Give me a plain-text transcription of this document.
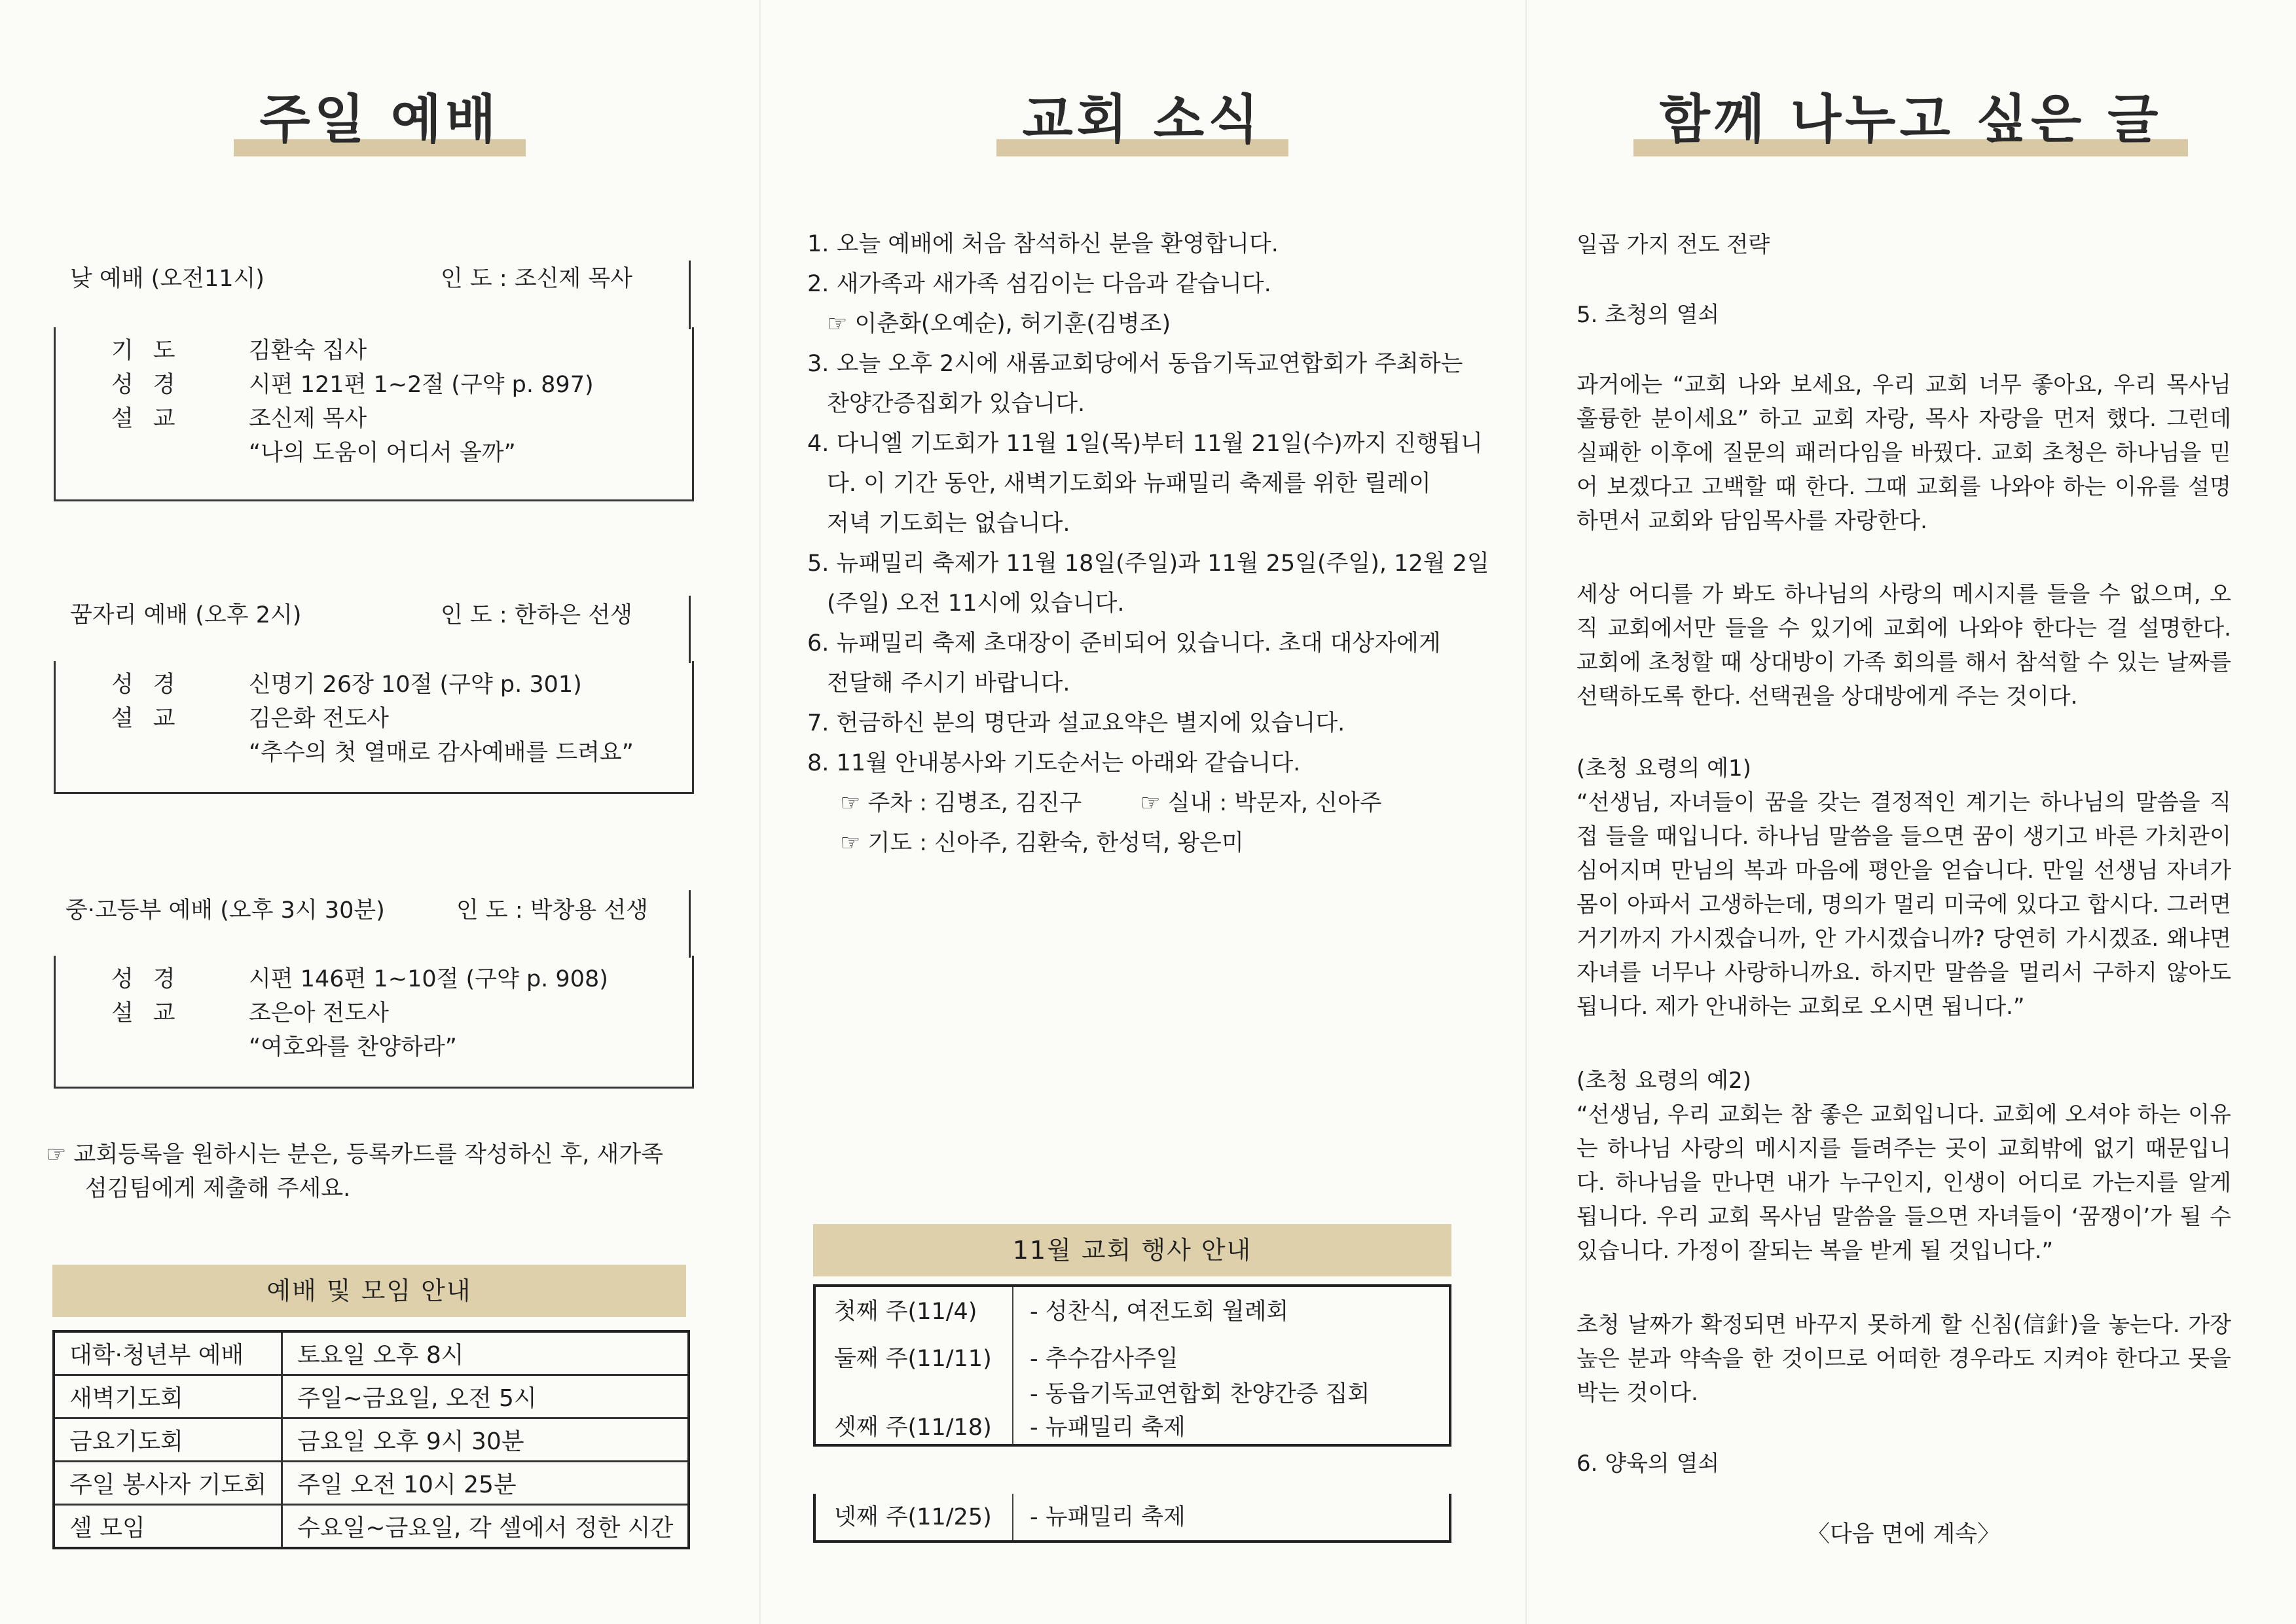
주일 예배
낮 예배 (오전11시)	인 도 : 조신제 목사
기도 김환숙 집사
성경 시편 121편 1~2절 (구약 p. 897)
설교 조신제 목사
“나의 도움이 어디서 올까”
꿈자리 예배 (오후 2시)	인 도 : 한하은 선생
성경 신명기 26장 10절 (구약 p. 301)
설교 김은화 전도사
“추수의 첫 열매로 감사예배를 드려요”
중·고등부 예배 (오후 3시 30분)	인 도 : 박창용 선생
성경 시편 146편 1~10절 (구약 p. 908)
설교 조은아 전도사
“여호와를 찬양하라”
☞ 교회등록을 원하시는 분은, 등록카드를 작성하신 후, 새가족
섬김팀에게 제출해 주세요.
예배 및 모임 안내
대학·청년부 예배	토요일 오후 8시
새벽기도회	주일~금요일, 오전 5시
금요기도회	금요일 오후 9시 30분
주일 봉사자 기도회	주일 오전 10시 25분
셀 모임	수요일~금요일, 각 셀에서 정한 시간
교회 소식
1. 오늘 예배에 처음 참석하신 분을 환영합니다.
2. 새가족과 새가족 섬김이는 다음과 같습니다.
☞ 이춘화(오예순), 허기훈(김병조)
3. 오늘 오후 2시에 새롬교회당에서 동읍기독교연합회가 주최하는
찬양간증집회가 있습니다.
4. 다니엘 기도회가 11월 1일(목)부터 11월 21일(수)까지 진행됩니
다. 이 기간 동안, 새벽기도회와 뉴패밀리 축제를 위한 릴레이
저녁 기도회는 없습니다.
5. 뉴패밀리 축제가 11월 18일(주일)과 11월 25일(주일), 12월 2일
(주일) 오전 11시에 있습니다.
6. 뉴패밀리 축제 초대장이 준비되어 있습니다. 초대 대상자에게
전달해 주시기 바랍니다.
7. 헌금하신 분의 명단과 설교요약은 별지에 있습니다.
8. 11월 안내봉사와 기도순서는 아래와 같습니다.
☞ 주차 : 김병조, 김진구        ☞ 실내 : 박문자, 신아주
☞ 기도 : 신아주, 김환숙, 한성덕, 왕은미
11월 교회 행사 안내
첫째 주(11/4) - 성찬식, 여전도회 월례회
둘째 주(11/11) - 추수감사주일
- 동읍기독교연합회 찬양간증 집회
셋째 주(11/18) - 뉴패밀리 축제
넷째 주(11/25) - 뉴패밀리 축제
함께 나누고 싶은 글
일곱 가지 전도 전략
5. 초청의 열쇠
과거에는 “교회 나와 보세요, 우리 교회 너무 좋아요, 우리 목사님 훌륭한 분이세요” 하고 교회 자랑, 목사 자랑을 먼저 했다. 그런데 실패한 이후에 질문의 패러다임을 바꿨다. 교회 초청은 하나님을 믿어 보겠다고 고백할 때 한다. 그때 교회를 나와야 하는 이유를 설명하면서 교회와 담임목사를 자랑한다.
세상 어디를 가 봐도 하나님의 사랑의 메시지를 들을 수 없으며, 오직 교회에서만 들을 수 있기에 교회에 나와야 한다는 걸 설명한다. 교회에 초청할 때 상대방이 가족 회의를 해서 참석할 수 있는 날짜를 선택하도록 한다. 선택권을 상대방에게 주는 것이다.
(초청 요령의 예1)
“선생님, 자녀들이 꿈을 갖는 결정적인 계기는 하나님의 말씀을 직접 들을 때입니다. 하나님 말씀을 들으면 꿈이 생기고 바른 가치관이 심어지며 만님의 복과 마음에 평안을 얻습니다. 만일 선생님 자녀가 몸이 아파서 고생하는데, 명의가 멀리 미국에 있다고 합시다. 그러면 거기까지 가시겠습니까, 안 가시겠습니까? 당연히 가시겠죠. 왜냐면 자녀를 너무나 사랑하니까요. 하지만 말씀을 멀리서 구하지 않아도 됩니다. 제가 안내하는 교회로 오시면 됩니다.”
(초청 요령의 예2)
“선생님, 우리 교회는 참 좋은 교회입니다. 교회에 오셔야 하는 이유는 하나님 사랑의 메시지를 들려주는 곳이 교회밖에 없기 때문입니다. 하나님을 만나면 내가 누구인지, 인생이 어디로 가는지를 알게 됩니다. 우리 교회 목사님 말씀을 들으면 자녀들이 ‘꿈쟁이’가 될 수 있습니다. 가정이 잘되는 복을 받게 될 것입니다.”
초청 날짜가 확정되면 바꾸지 못하게 할 신침(信針)을 놓는다. 가장 높은 분과 약속을 한 것이므로 어떠한 경우라도 지켜야 한다고 못을 박는 것이다.
6. 양육의 열쇠
〈다음 면에 계속〉
